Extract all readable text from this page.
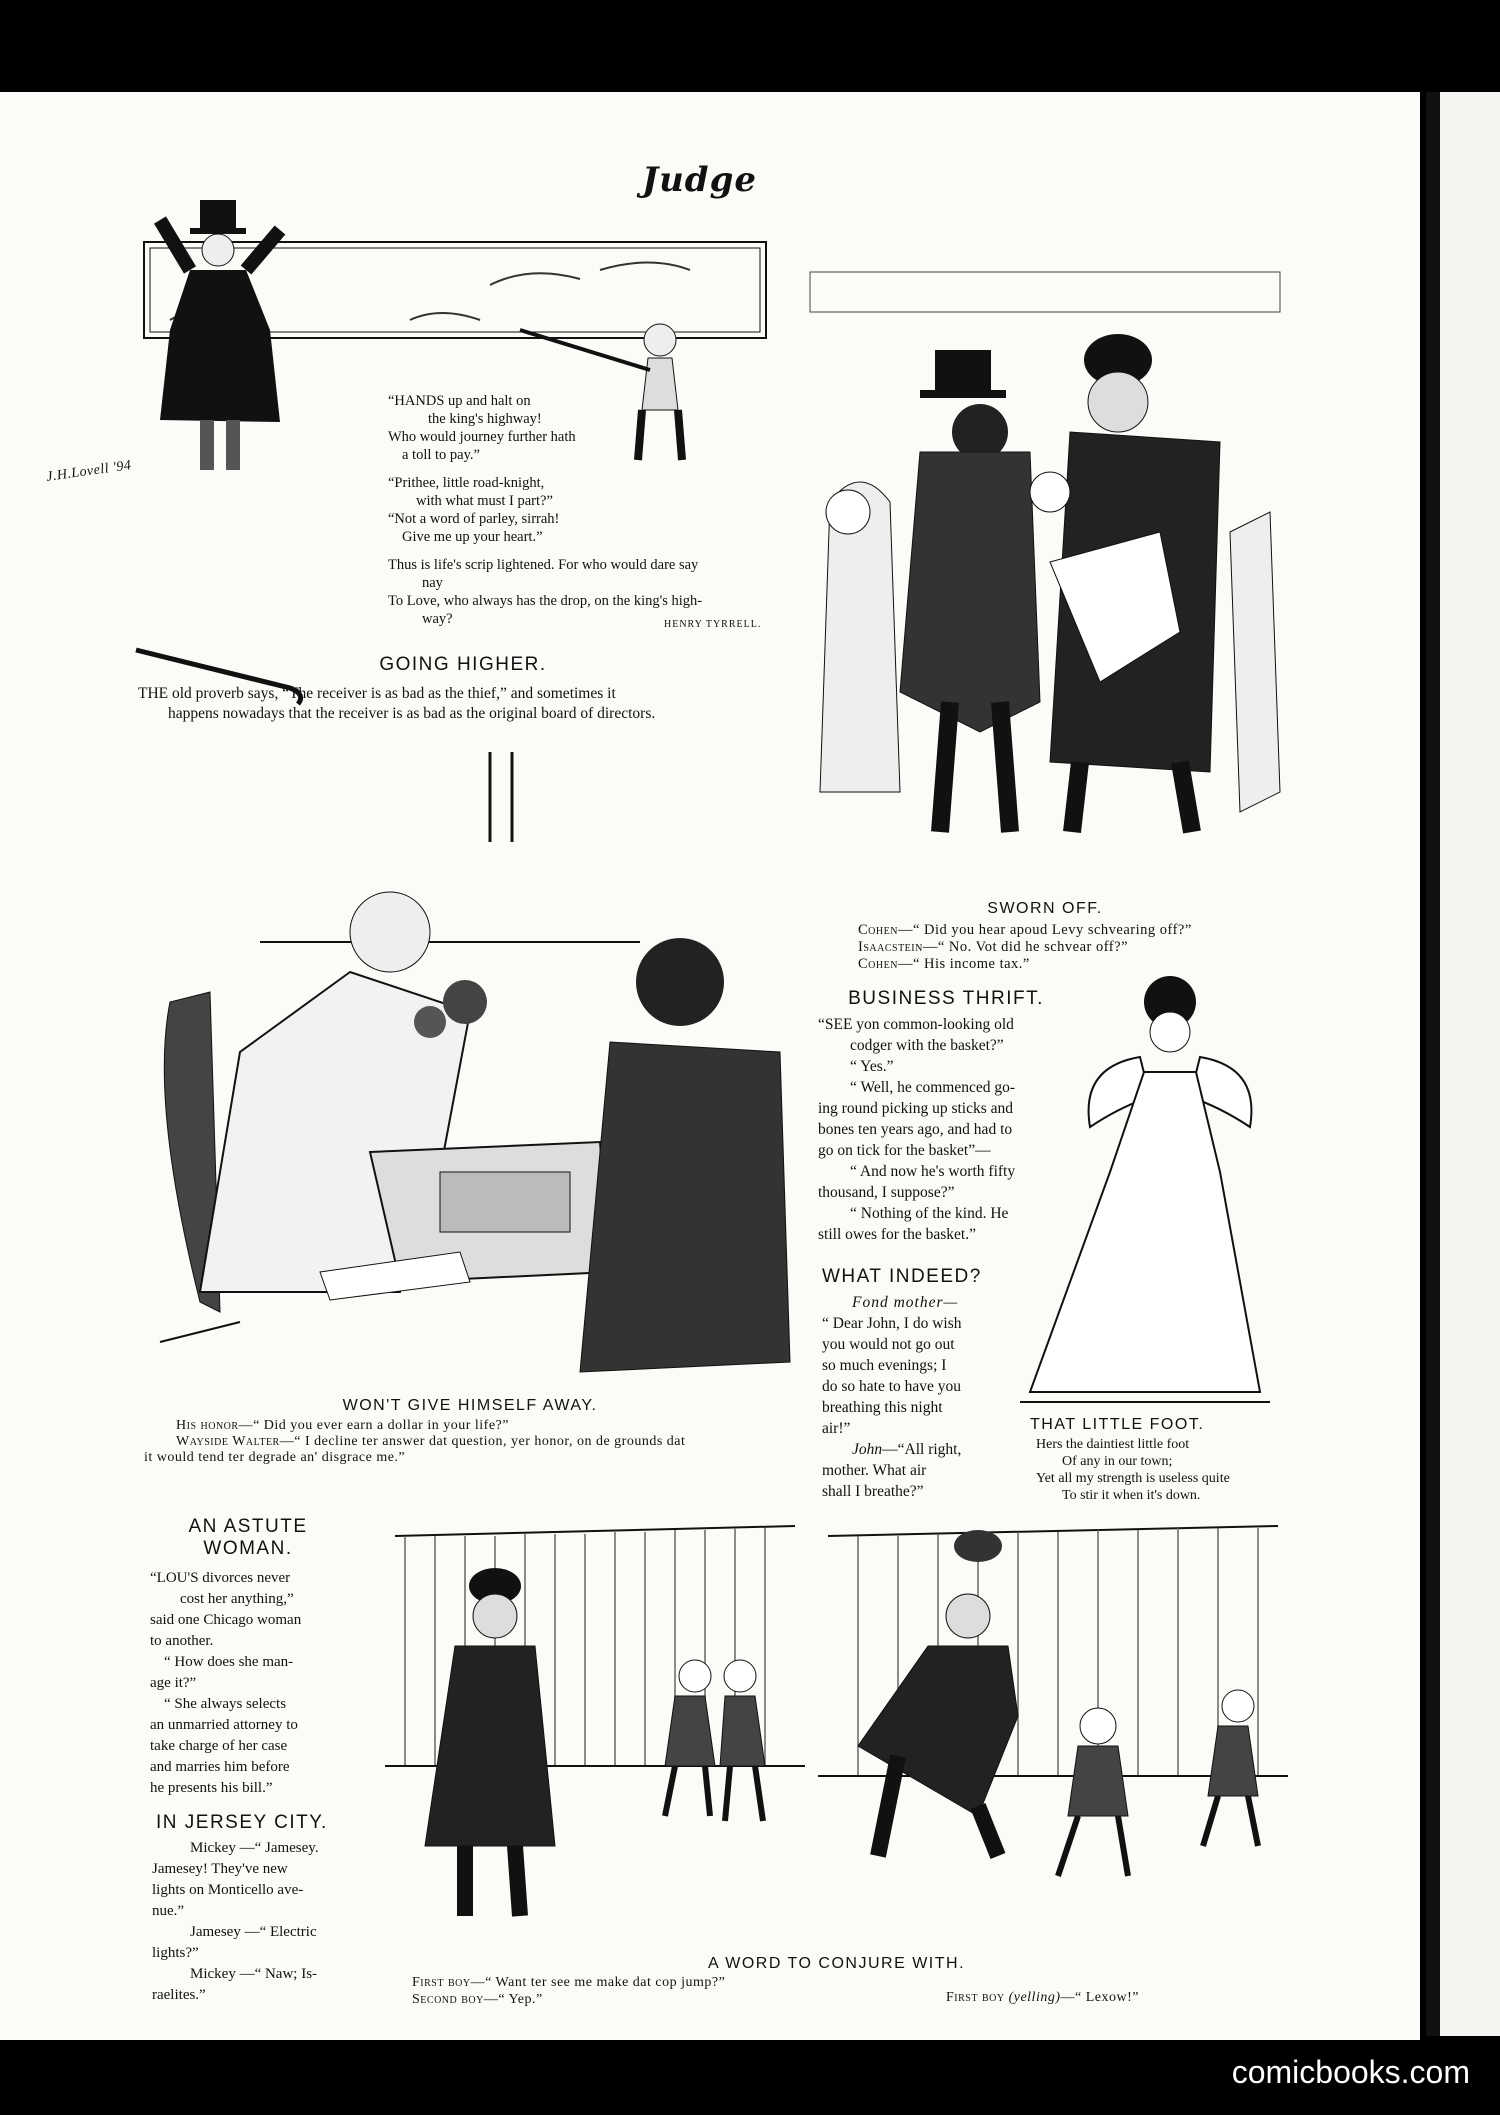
Judge
J.H.Lovell '94
“HANDS up and halt on
the king's highway!
Who would journey further hath
a toll to pay.”
“Prithee, little road-knight,
with what must I part?”
“Not a word of parley, sirrah!
Give me up your heart.”
Thus is life's scrip lightened. For who would dare say
nay
To Love, who always has the drop, on the king's high-
way?	HENRY TYRRELL.
GOING HIGHER.
THE old proverb says, “The receiver is as bad as the thief,” and sometimes it
happens nowadays that the receiver is as bad as the original board of directors.
SWORN OFF.
Cohen—“ Did you hear apoud Levy schvearing off?”
Isaacstein—“ No. Vot did he schvear off?”
Cohen—“ His income tax.”
WON'T GIVE HIMSELF AWAY.
His honor—“ Did you ever earn a dollar in your life?”
Wayside Walter—“ I decline ter answer dat question, yer honor, on de grounds dat
it would tend ter degrade an' disgrace me.”
BUSINESS THRIFT.
“SEE yon common-looking old
codger with the basket?”
“ Yes.”
“ Well, he commenced go-
ing round picking up sticks and
bones ten years ago, and had to
go on tick for the basket”—
“ And now he's worth fifty
thousand, I suppose?”
“ Nothing of the kind. He
still owes for the basket.”
WHAT INDEED?
Fond mother—
“ Dear John, I do wish
you would not go out
so much evenings; I
do so hate to have you
breathing this night
air!”
John—“All right,
mother. What air
shall I breathe?”
THAT LITTLE FOOT.
Hers the daintiest little foot
Of any in our town;
Yet all my strength is useless quite
To stir it when it's down.
AN ASTUTE
WOMAN.
“LOU'S divorces never
cost her anything,”
said one Chicago woman
to another.
“ How does she man-
age it?”
“ She always selects
an unmarried attorney to
take charge of her case
and marries him before
he presents his bill.”
IN JERSEY CITY.
Mickey —“ Jamesey.
Jamesey! They've new
lights on Monticello ave-
nue.”
Jamesey —“ Electric
lights?”
Mickey —“ Naw; Is-
raelites.”
A WORD TO CONJURE WITH.
First boy—“ Want ter see me make dat cop jump?”
Second boy—“ Yep.”	First boy (yelling)—“ Lexow!”
comicbooks.com
